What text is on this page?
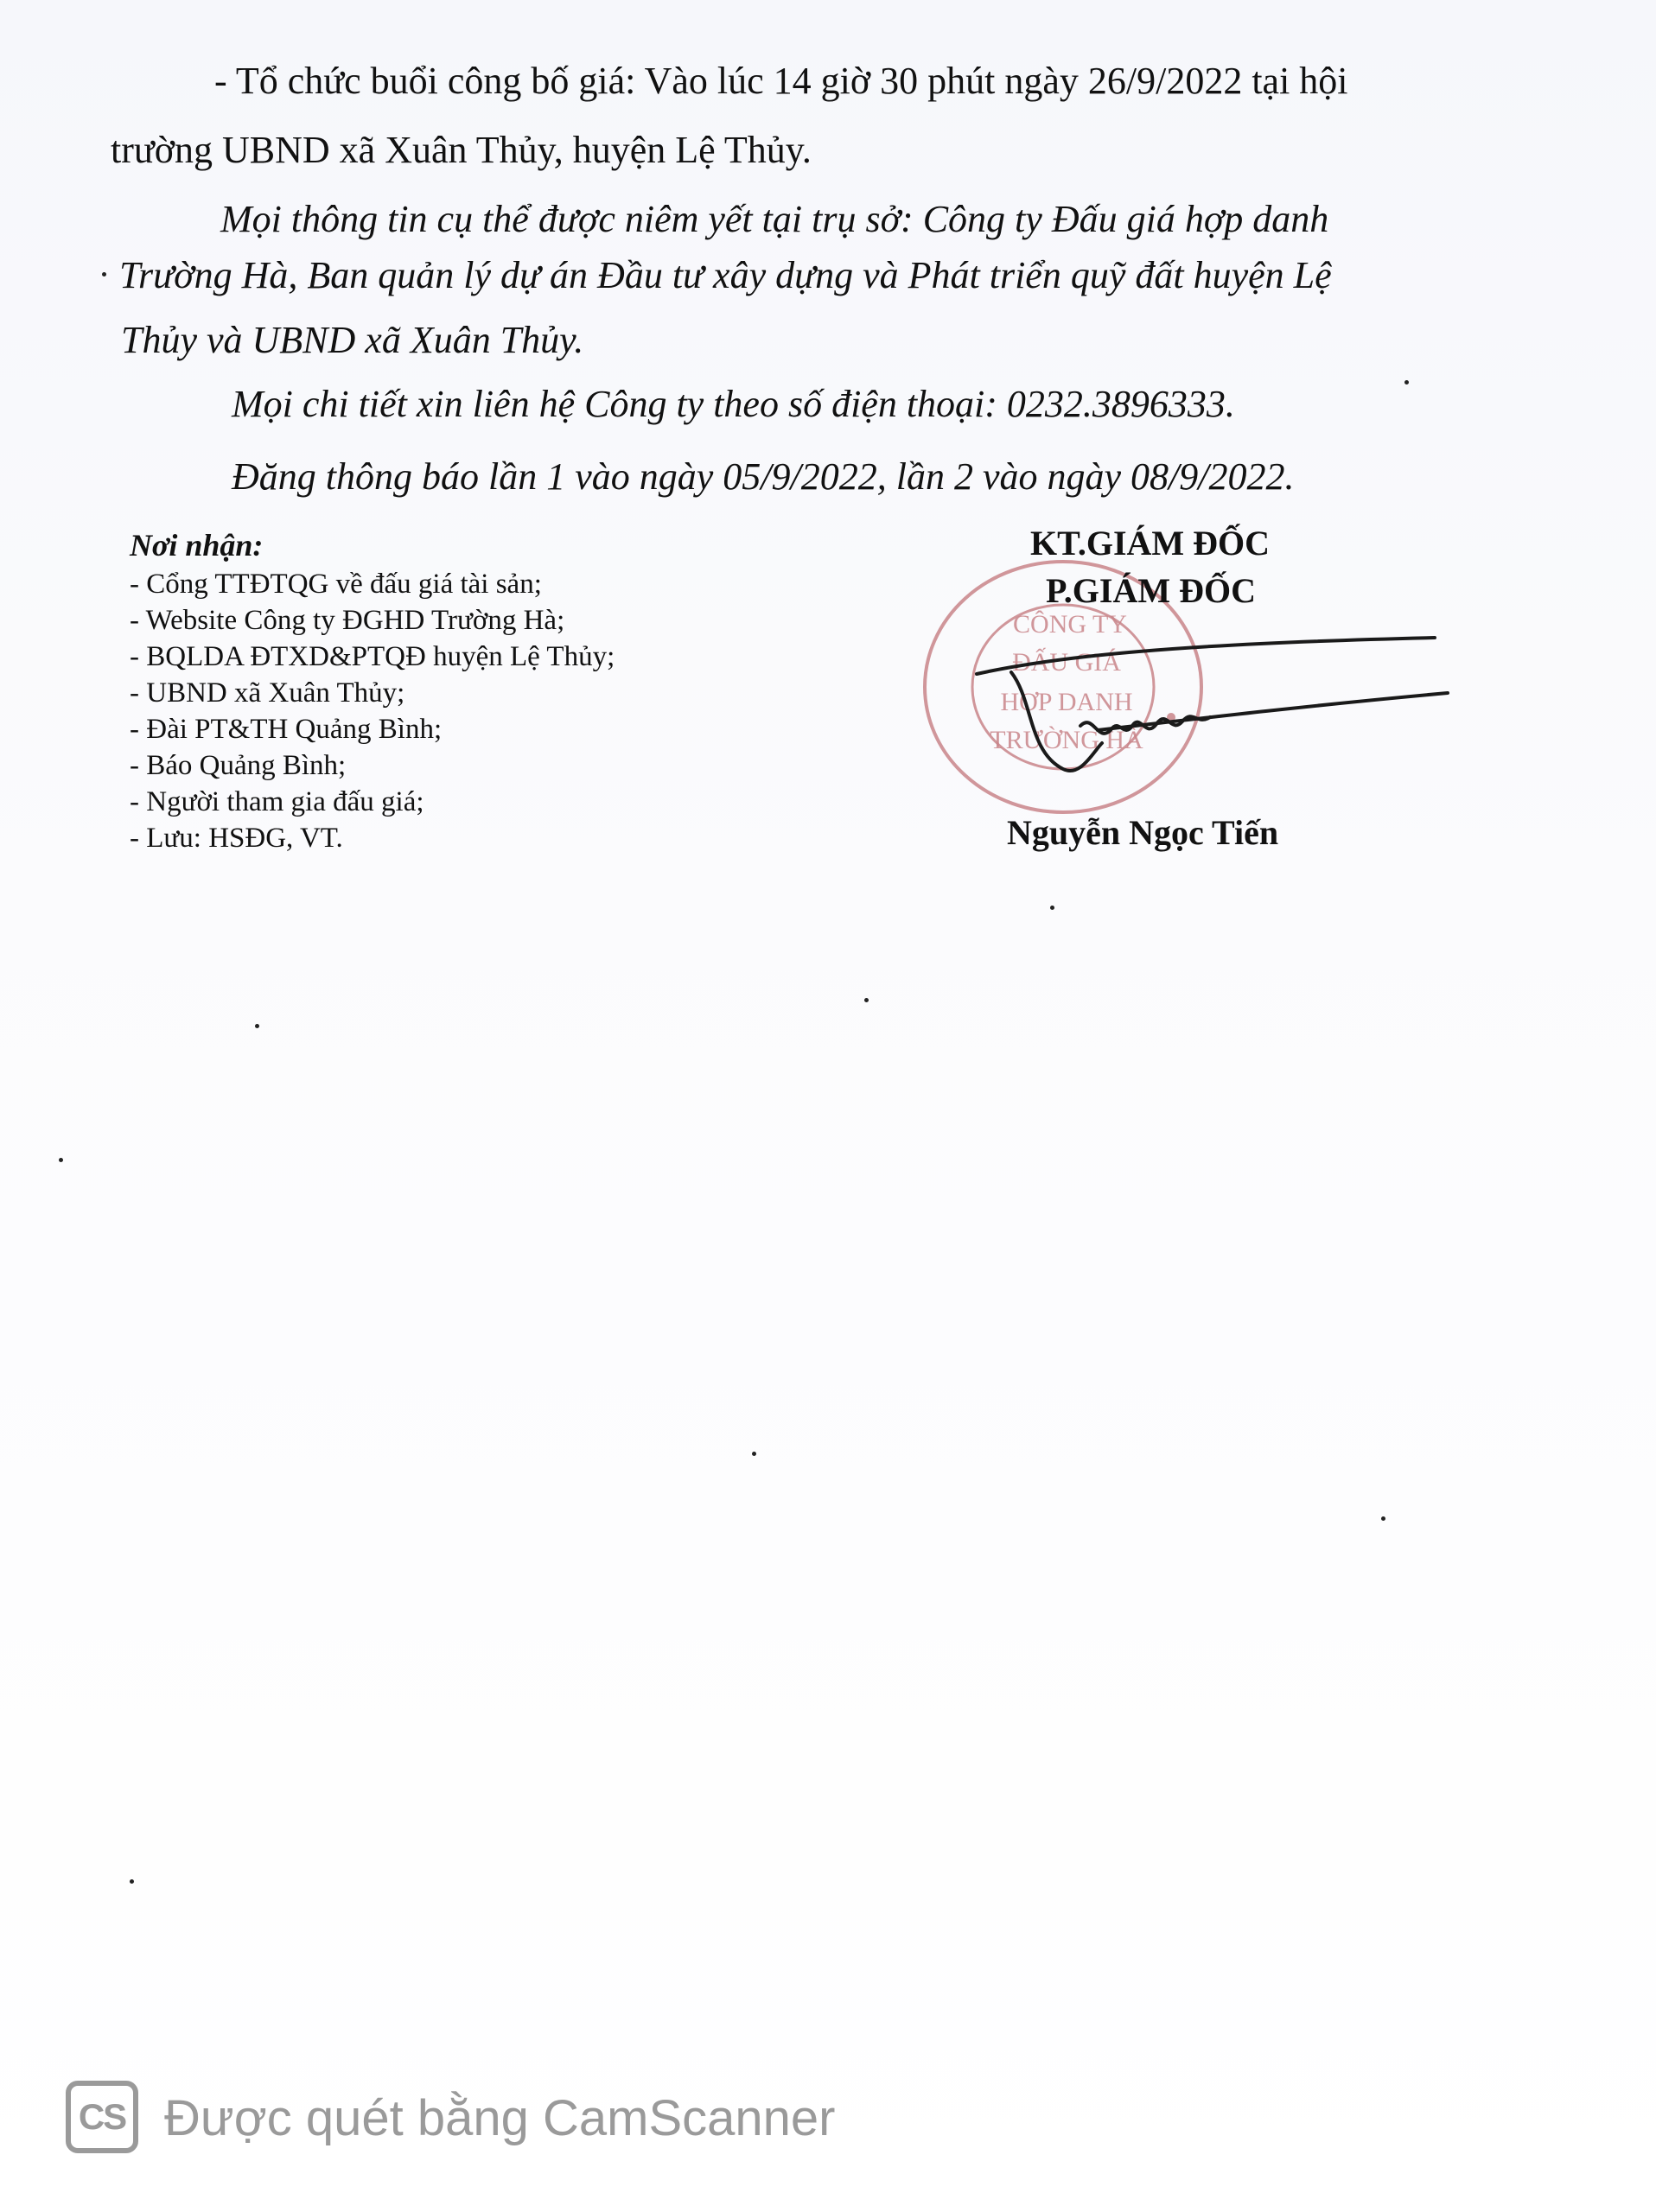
- Tổ chức buổi công bố giá: Vào lúc 14 giờ 30 phút ngày 26/9/2022 tại hội
trường UBND xã Xuân Thủy, huyện Lệ Thủy.
Mọi thông tin cụ thể được niêm yết tại trụ sở: Công ty Đấu giá hợp danh
Trường Hà, Ban quản lý dự án Đầu tư xây dựng và Phát triển quỹ đất huyện Lệ
Thủy và UBND xã Xuân Thủy.
Mọi chi tiết xin liên hệ Công ty theo số điện thoại: 0232.3896333.
Đăng thông báo lần 1 vào ngày 05/9/2022, lần 2 vào ngày 08/9/2022.
Nơi nhận:
- Cổng TTĐTQG về đấu giá tài sản;
- Website Công ty ĐGHD Trường Hà;
- BQLDA ĐTXD&PTQĐ huyện Lệ Thủy;
- UBND xã Xuân Thủy;
- Đài PT&TH Quảng Bình;
- Báo Quảng Bình;
- Người tham gia đấu giá;
- Lưu: HSĐG, VT.
CÔNG TY
ĐẤU GIÁ
HỢP DANH
TRƯỜNG HÀ
KT.GIÁM ĐỐC
P.GIÁM ĐỐC
Nguyễn Ngọc Tiến
CS Được quét bằng CamScanner
